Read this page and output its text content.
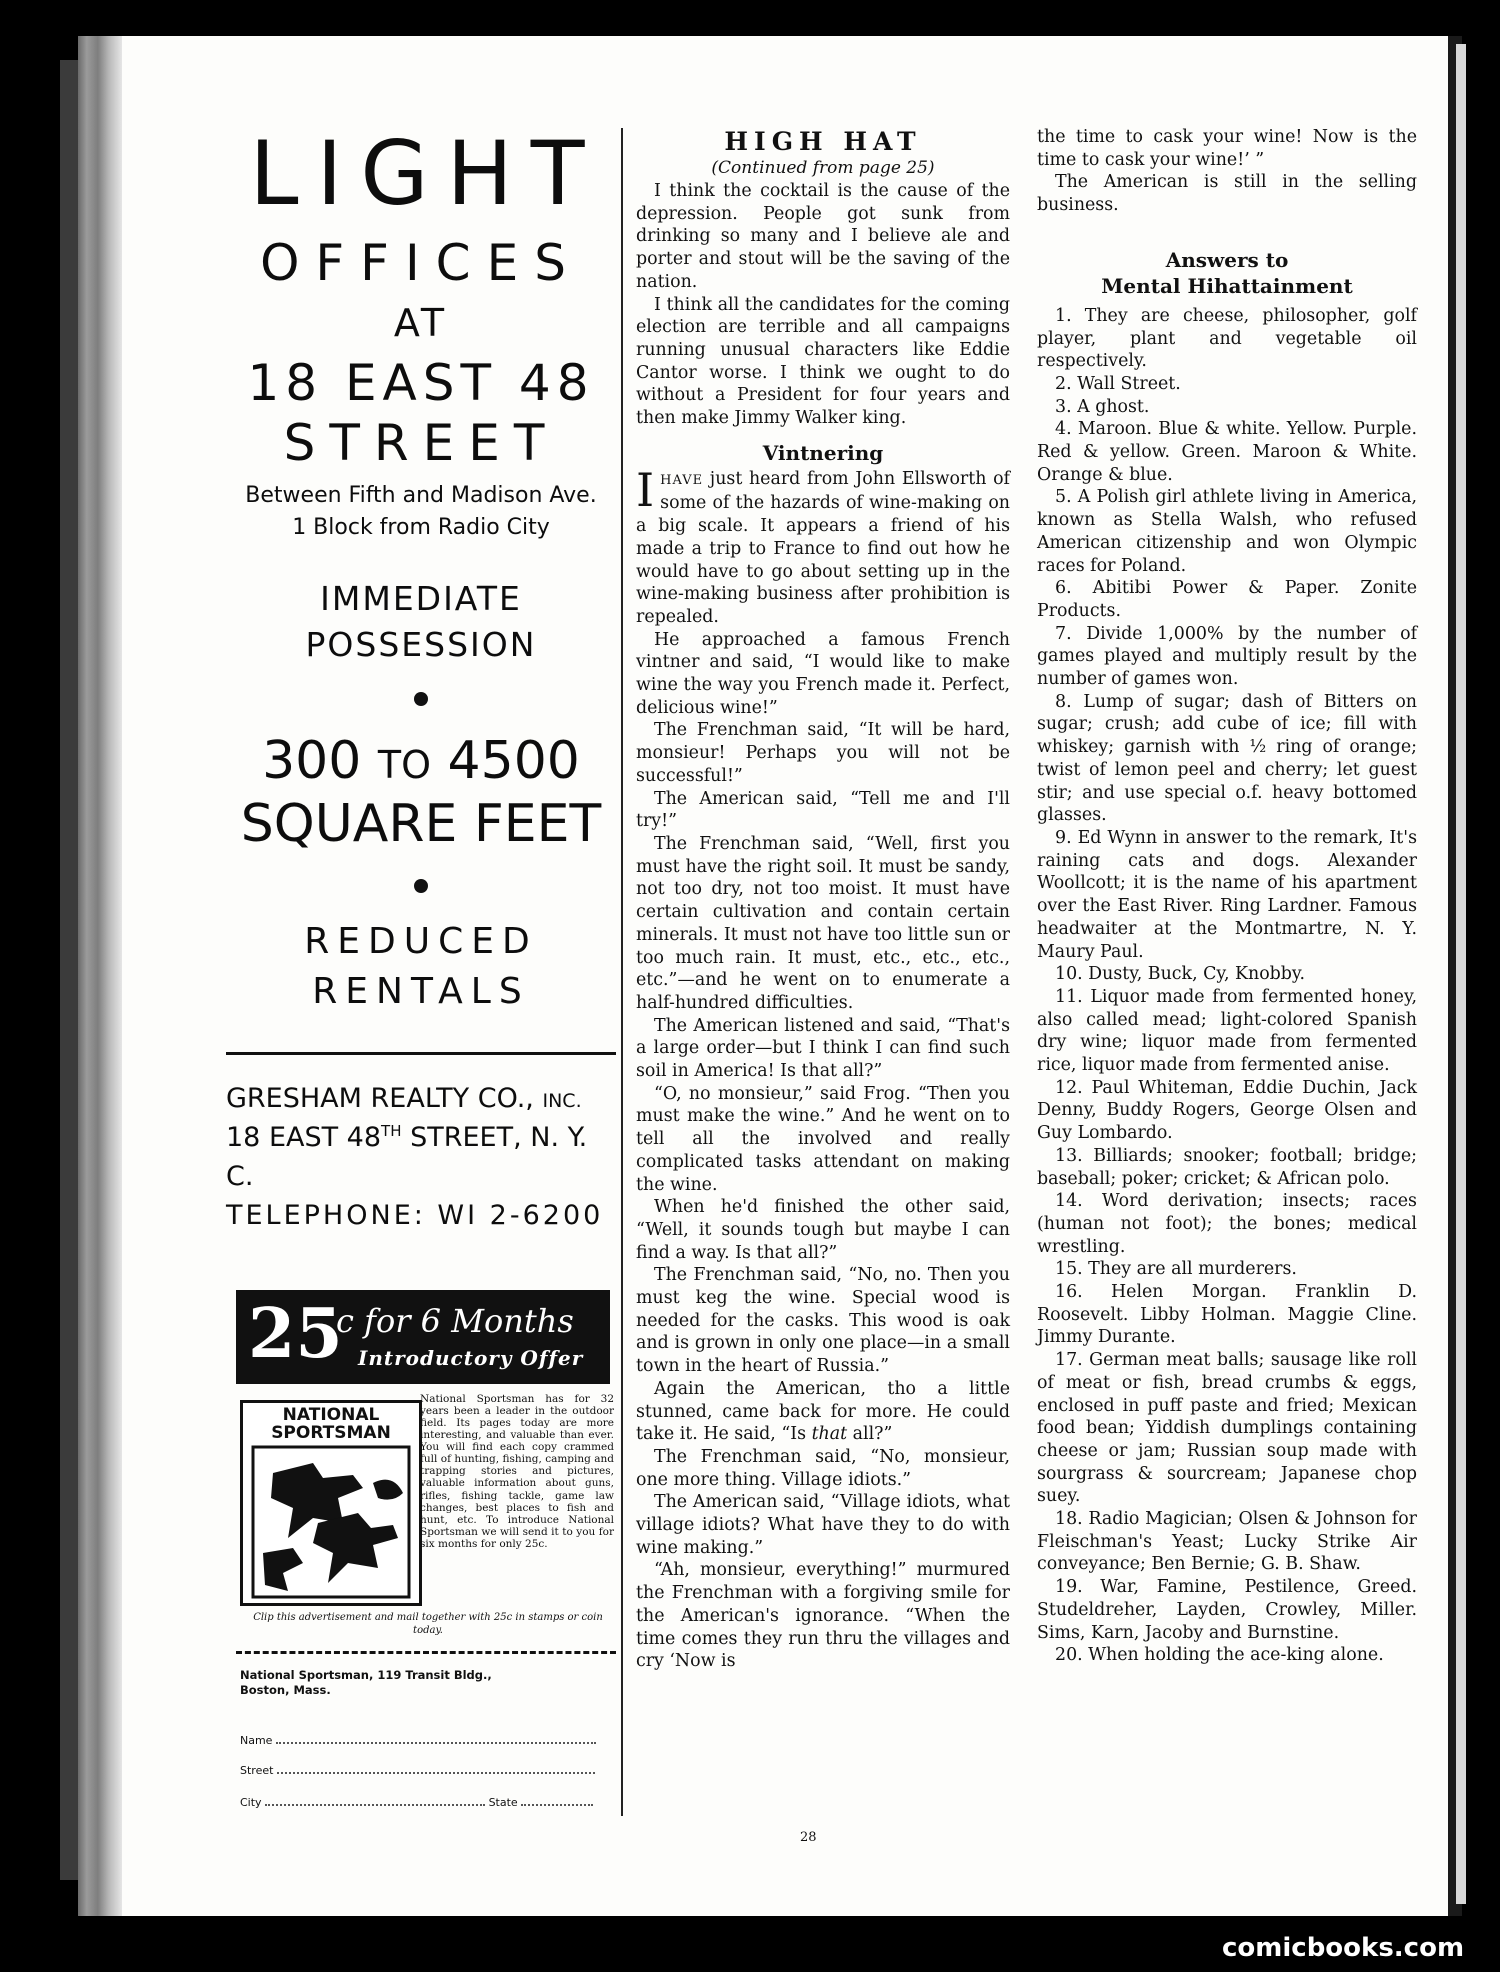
LIGHT
OFFICES
AT
18 EAST 48
STREET
Between Fifth and Madison Ave.
1 Block from Radio City
IMMEDIATE
POSSESSION
300 TO 4500
SQUARE FEET
REDUCED
RENTALS
GRESHAM REALTY CO., INC.
18 EAST 48TH STREET, N. Y. C.
TELEPHONE: WI 2-6200
25
c for 6 Months
Introductory Offer
NATIONAL
SPORTSMAN
National Sportsman has for 32 years been a leader in the outdoor field. Its pages today are more interesting, and valuable than ever. You will find each copy crammed full of hunting, fishing, camping and trapping stories and pictures, valuable information about guns, rifles, fishing tackle, game law changes, best places to fish and hunt, etc. To introduce National Sportsman we will send it to you for six months for only 25c.
Clip this advertisement and mail together with 25c in stamps or coin today.
National Sportsman, 119 Transit Bldg.,
Boston, Mass.
Name
Street
City	State
HIGH HAT
(Continued from page 25)

I think the cocktail is the cause of the depression. People got sunk from drinking so many and I believe ale and porter and stout will be the saving of the nation.

I think all the candidates for the coming election are terrible and all campaigns running unusual characters like Eddie Cantor worse. I think we ought to do without a President for four years and then make Jimmy Walker king.

Vintnering

IHAVE just heard from John Ellsworth of some of the hazards of wine-making on a big scale. It appears a friend of his made a trip to France to find out how he would have to go about setting up in the wine-making business after prohibition is repealed.

He approached a famous French vintner and said, “I would like to make wine the way you French made it. Perfect, delicious wine!”

The Frenchman said, “It will be hard, monsieur! Perhaps you will not be successful!”

The American said, “Tell me and I'll try!”

The Frenchman said, “Well, first you must have the right soil. It must be sandy, not too dry, not too moist. It must have certain cultivation and contain certain minerals. It must not have too little sun or too much rain. It must, etc., etc., etc., etc.”—and he went on to enumerate a half-hundred difficulties.

The American listened and said, “That's a large order—but I think I can find such soil in America! Is that all?”

“O, no monsieur,” said Frog. “Then you must make the wine.” And he went on to tell all the involved and really complicated tasks attendant on making the wine.

When he'd finished the other said, “Well, it sounds tough but maybe I can find a way. Is that all?”

The Frenchman said, “No, no. Then you must keg the wine. Special wood is needed for the casks. This wood is oak and is grown in only one place—in a small town in the heart of Russia.”

Again the American, tho a little stunned, came back for more. He could take it. He said, “Is that all?”

The Frenchman said, “No, monsieur, one more thing. Village idiots.”

The American said, “Village idiots, what village idiots? What have they to do with wine making.”

“Ah, monsieur, everything!” murmured the Frenchman with a forgiving smile for the American's ignorance. “When the time comes they run thru the villages and cry ‘Now is

the time to cask your wine! Now is the time to cask your wine!’ ”

The American is still in the selling business.

Answers to
Mental Hihattainment

1. They are cheese, philosopher, golf player, plant and vegetable oil respectively.

2. Wall Street.

3. A ghost.

4. Maroon. Blue & white. Yellow. Purple. Red & yellow. Green. Maroon & White. Orange & blue.

5. A Polish girl athlete living in America, known as Stella Walsh, who refused American citizenship and won Olympic races for Poland.

6. Abitibi Power & Paper. Zonite Products.

7. Divide 1,000% by the number of games played and multiply result by the number of games won.

8. Lump of sugar; dash of Bitters on sugar; crush; add cube of ice; fill with whiskey; garnish with ½ ring of orange; twist of lemon peel and cherry; let guest stir; and use special o.f. heavy bottomed glasses.

9. Ed Wynn in answer to the remark, It's raining cats and dogs. Alexander Woollcott; it is the name of his apartment over the East River. Ring Lardner. Famous headwaiter at the Montmartre, N. Y. Maury Paul.

10. Dusty, Buck, Cy, Knobby.

11. Liquor made from fermented honey, also called mead; light-colored Spanish dry wine; liquor made from fermented rice, liquor made from fermented anise.

12. Paul Whiteman, Eddie Duchin, Jack Denny, Buddy Rogers, George Olsen and Guy Lombardo.

13. Billiards; snooker; football; bridge; baseball; poker; cricket; & African polo.

14. Word derivation; insects; races (human not foot); the bones; medical wrestling.

15. They are all murderers.

16. Helen Morgan. Franklin D. Roosevelt. Libby Holman. Maggie Cline. Jimmy Durante.

17. German meat balls; sausage like roll of meat or fish, bread crumbs & eggs, enclosed in puff paste and fried; Mexican food bean; Yiddish dumplings containing cheese or jam; Russian soup made with sourgrass & sourcream; Japanese chop suey.

18. Radio Magician; Olsen & Johnson for Fleischman's Yeast; Lucky Strike Air conveyance; Ben Bernie; G. B. Shaw.

19. War, Famine, Pestilence, Greed. Studeldreher, Layden, Crowley, Miller. Sims, Karn, Jacoby and Burnstine.

20. When holding the ace-king alone.

28
comicbooks.com
